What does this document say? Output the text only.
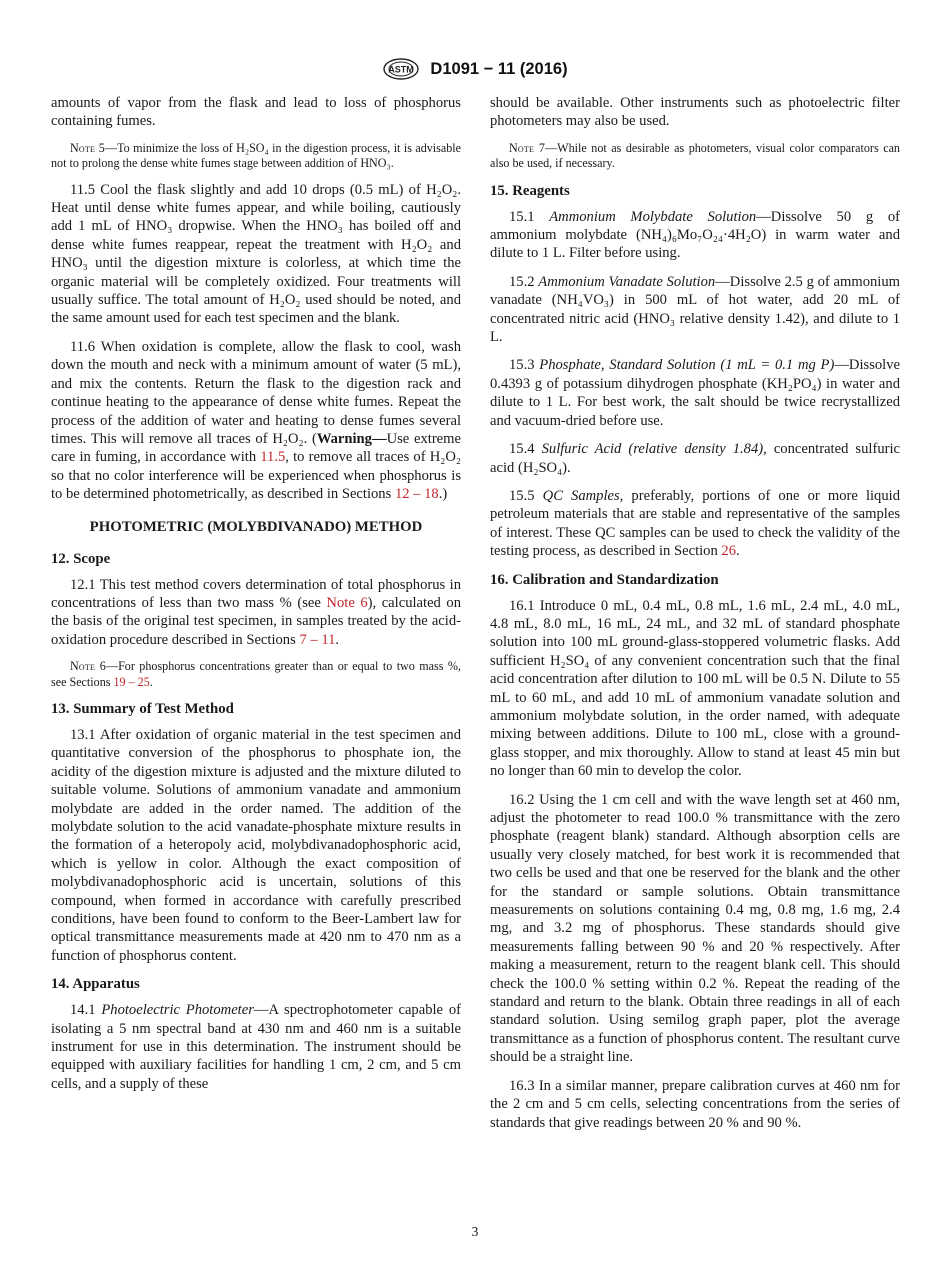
ASTM D1091 − 11 (2016)

amounts of vapor from the flask and lead to loss of phosphorus containing fumes.

Note 5—To minimize the loss of H₂SO₄ in the digestion process, it is advisable not to prolong the dense white fumes stage between addition of HNO₃.

11.5 Cool the flask slightly and add 10 drops (0.5 mL) of H₂O₂. Heat until dense white fumes appear, and while boiling, cautiously add 1 mL of HNO₃ dropwise. When the HNO₃ has boiled off and dense white fumes reappear, repeat the treatment with H₂O₂ and HNO₃ until the digestion mixture is colorless, at which time the organic material will be completely oxidized. Four treatments will usually suffice. The total amount of H₂O₂ used should be noted, and the same amount used for each test specimen and the blank.

11.6 When oxidation is complete, allow the flask to cool, wash down the mouth and neck with a minimum amount of water (5 mL), and mix the contents. Return the flask to the digestion rack and continue heating to the appearance of dense white fumes. Repeat the process of the addition of water and heating to dense fumes several times. This will remove all traces of H₂O₂. (Warning—Use extreme care in fuming, in accordance with 11.5, to remove all traces of H₂O₂ so that no color interference will be experienced when phosphorus is to be determined photometrically, as described in Sections 12 – 18.)

PHOTOMETRIC (MOLYBDIVANADO) METHOD
12. Scope

12.1 This test method covers determination of total phosphorus in concentrations of less than two mass % (see Note 6), calculated on the basis of the original test specimen, in samples treated by the acid-oxidation procedure described in Sections 7 – 11.

Note 6—For phosphorus concentrations greater than or equal to two mass %, see Sections 19 – 25.
13. Summary of Test Method

13.1 After oxidation of organic material in the test specimen and quantitative conversion of the phosphorus to phosphate ion, the acidity of the digestion mixture is adjusted and the mixture diluted to suitable volume. Solutions of ammonium vanadate and ammonium molybdate are added in the order named. The addition of the molybdate solution to the acid vanadate-phosphate mixture results in the formation of a heteropoly acid, molybdivanadophosphoric acid, which is yellow in color. Although the exact composition of molybdivanadophosphoric acid is uncertain, solutions of this compound, when formed in accordance with carefully prescribed conditions, have been found to conform to the Beer-Lambert law for optical transmittance measurements made at 420 nm to 470 nm as a function of phosphorus content.

14. Apparatus

14.1 Photoelectric Photometer—A spectrophotometer capable of isolating a 5 nm spectral band at 430 nm and 460 nm is a suitable instrument for use in this determination. The instrument should be equipped with auxiliary facilities for handling 1 cm, 2 cm, and 5 cm cells, and a supply of these

should be available. Other instruments such as photoelectric filter photometers may also be used.

Note 7—While not as desirable as photometers, visual color comparators can also be used, if necessary.
15. Reagents

15.1 Ammonium Molybdate Solution—Dissolve 50 g of ammonium molybdate (NH₄)₆Mo₇O₂₄·4H₂O) in warm water and dilute to 1 L. Filter before using.

15.2 Ammonium Vanadate Solution—Dissolve 2.5 g of ammonium vanadate (NH₄VO₃) in 500 mL of hot water, add 20 mL of concentrated nitric acid (HNO₃ relative density 1.42), and dilute to 1 L.

15.3 Phosphate, Standard Solution (1 mL = 0.1 mg P)—Dissolve 0.4393 g of potassium dihydrogen phosphate (KH₂PO₄) in water and dilute to 1 L. For best work, the salt should be twice recrystallized and vacuum-dried before use.

15.4 Sulfuric Acid (relative density 1.84), concentrated sulfuric acid (H₂SO₄).

15.5 QC Samples, preferably, portions of one or more liquid petroleum materials that are stable and representative of the samples of interest. These QC samples can be used to check the validity of the testing process, as described in Section 26.

16. Calibration and Standardization

16.1 Introduce 0 mL, 0.4 mL, 0.8 mL, 1.6 mL, 2.4 mL, 4.0 mL, 4.8 mL, 8.0 mL, 16 mL, 24 mL, and 32 mL of standard phosphate solution into 100 mL ground-glass-stoppered volumetric flasks. Add sufficient H₂SO₄ of any convenient concentration such that the final acid concentration after dilution to 100 mL will be 0.5 N. Dilute to 55 mL to 60 mL, and add 10 mL of ammonium vanadate solution and ammonium molybdate solution, in the order named, with adequate mixing between additions. Dilute to 100 mL, close with a ground-glass stopper, and mix thoroughly. Allow to stand at least 45 min but no longer than 60 min to develop the color.

16.2 Using the 1 cm cell and with the wave length set at 460 nm, adjust the photometer to read 100.0 % transmittance with the zero phosphate (reagent blank) standard. Although absorption cells are usually very closely matched, for best work it is recommended that two cells be used and that one be reserved for the blank and the other for the standard or sample solutions. Obtain transmittance measurements on solutions containing 0.4 mg, 0.8 mg, 1.6 mg, 2.4 mg, and 3.2 mg of phosphorus. These standards should give measurements falling between 90 % and 20 % respectively. After making a measurement, return to the reagent blank cell. This should check the 100.0 % setting within 0.2 %. Repeat the reading of the standard and return to the blank. Obtain three readings in all of each standard solution. Using semilog graph paper, plot the average transmittance as a function of phosphorus content. The resultant curve should be a straight line.

16.3 In a similar manner, prepare calibration curves at 460 nm for the 2 cm and 5 cm cells, selecting concentrations from the series of standards that give readings between 20 % and 90 %.

3
